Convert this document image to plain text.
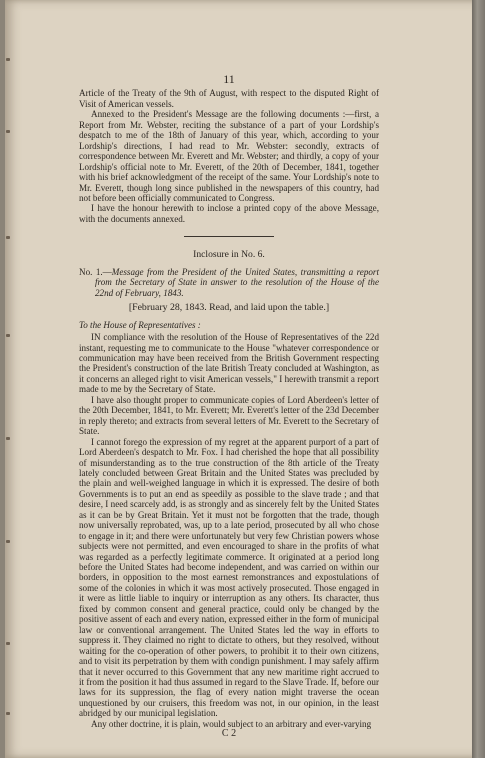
11

Article of the Treaty of the 9th of August, with respect to the disputed Right of

Visit of American vessels.

Annexed to the President's Message are the following documents :—first, a Report from Mr. Webster, reciting the substance of a part of your Lordship's despatch to me of the 18th of January of this year, which, according to your Lordship's directions, I had read to Mr. Webster: secondly, extracts of correspondence between Mr. Everett and Mr. Webster; and thirdly, a copy of your Lordship's official note to Mr. Everett, of the 20th of December, 1841, together with his brief acknowledgment of the receipt of the same. Your Lordship's note to Mr. Everett, though long since published in the newspapers of this country, had not before been officially communicated to Congress.

I have the honour herewith to inclose a printed copy of the above Message, with the documents annexed.

Inclosure in No. 6.

No. 1.—Message from the President of the United States, transmitting a report from the Secretary of State in answer to the resolution of the House of the 22nd of February, 1843.

[February 28, 1843. Read, and laid upon the table.]

To the House of Representatives :

IN compliance with the resolution of the House of Representatives of the 22d instant, requesting me to communicate to the House "whatever correspondence or communication may have been received from the British Government respecting the President's construction of the late British Treaty concluded at Washington, as it concerns an alleged right to visit American vessels," I herewith transmit a report made to me by the Secretary of State.

I have also thought proper to communicate copies of Lord Aberdeen's letter of the 20th December, 1841, to Mr. Everett; Mr. Everett's letter of the 23d December in reply thereto; and extracts from several letters of Mr. Everett to the Secretary of State.

I cannot forego the expression of my regret at the apparent purport of a part of Lord Aberdeen's despatch to Mr. Fox. I had cherished the hope that all possibility of misunderstanding as to the true construction of the 8th article of the Treaty lately concluded between Great Britain and the United States was precluded by the plain and well-weighed language in which it is expressed. The desire of both Governments is to put an end as speedily as possible to the slave trade ; and that desire, I need scarcely add, is as strongly and as sincerely felt by the United States as it can be by Great Britain. Yet it must not be forgotten that the trade, though now universally reprobated, was, up to a late period, prosecuted by all who chose to engage in it; and there were unfortunately but very few Christian powers whose subjects were not permitted, and even encouraged to share in the profits of what was regarded as a perfectly legitimate commerce. It originated at a period long before the United States had become independent, and was carried on within our borders, in opposition to the most earnest remonstrances and expostulations of some of the colonies in which it was most actively prosecuted. Those engaged in it were as little liable to inquiry or interruption as any others. Its character, thus fixed by common consent and general practice, could only be changed by the positive assent of each and every nation, expressed either in the form of municipal law or conventional arrangement. The United States led the way in efforts to suppress it. They claimed no right to dictate to others, but they resolved, without waiting for the co-operation of other powers, to prohibit it to their own citizens, and to visit its perpetration by them with condign punishment. I may safely affirm that it never occurred to this Government that any new maritime right accrued to it from the position it had thus assumed in regard to the Slave Trade. If, before our laws for its suppression, the flag of every nation might traverse the ocean unquestioned by our cruisers, this freedom was not, in our opinion, in the least abridged by our municipal legislation.

Any other doctrine, it is plain, would subject to an arbitrary and ever-varying

C 2
